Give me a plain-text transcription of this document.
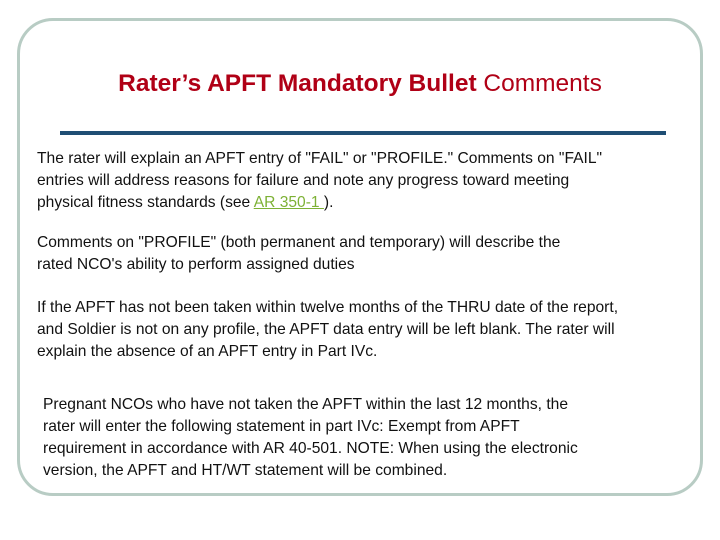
Rater’s APFT Mandatory Bullet Comments
The rater will explain an APFT entry of "FAIL" or "PROFILE." Comments on "FAIL"
entries will address reasons for failure and note any progress toward meeting
physical fitness standards (see AR 350-1 ).
Comments on "PROFILE" (both permanent and temporary) will describe the
rated NCO's ability to perform assigned duties
If the APFT has not been taken within twelve months of the THRU date of the report,
and Soldier is not on any profile, the APFT data entry will be left blank. The rater will
explain the absence of an APFT entry in Part IVc.
Pregnant NCOs who have not taken the APFT within the last 12 months, the
rater will enter the following statement in part IVc: Exempt from APFT
requirement in accordance with AR 40-501. NOTE: When using the electronic
version, the APFT and HT/WT statement will be combined.
